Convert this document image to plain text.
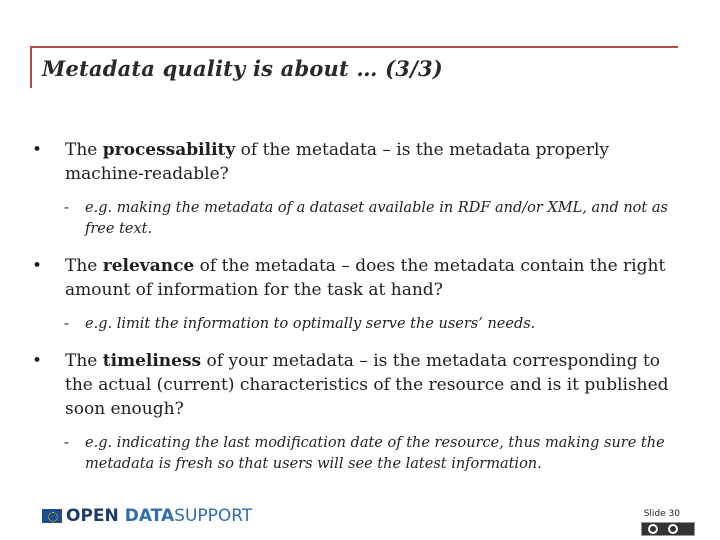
Metadata quality is about … (3/3)
• The processability of the metadata – is the metadata properly machine-readable?
- e.g. making the metadata of a dataset available in RDF and/or XML, and not as free text.
• The relevance of the metadata – does the metadata contain the right amount of information for the task at hand?
- e.g. limit the information to optimally serve the users’ needs.
• The timeliness of your metadata – is the metadata corresponding to the actual (current) characteristics of the resource and is it published soon enough?
- e.g. indicating the last modification date of the resource, thus making sure the metadata is fresh so that users will see the latest information.
OPEN DATA SUPPORT	Slide 30
